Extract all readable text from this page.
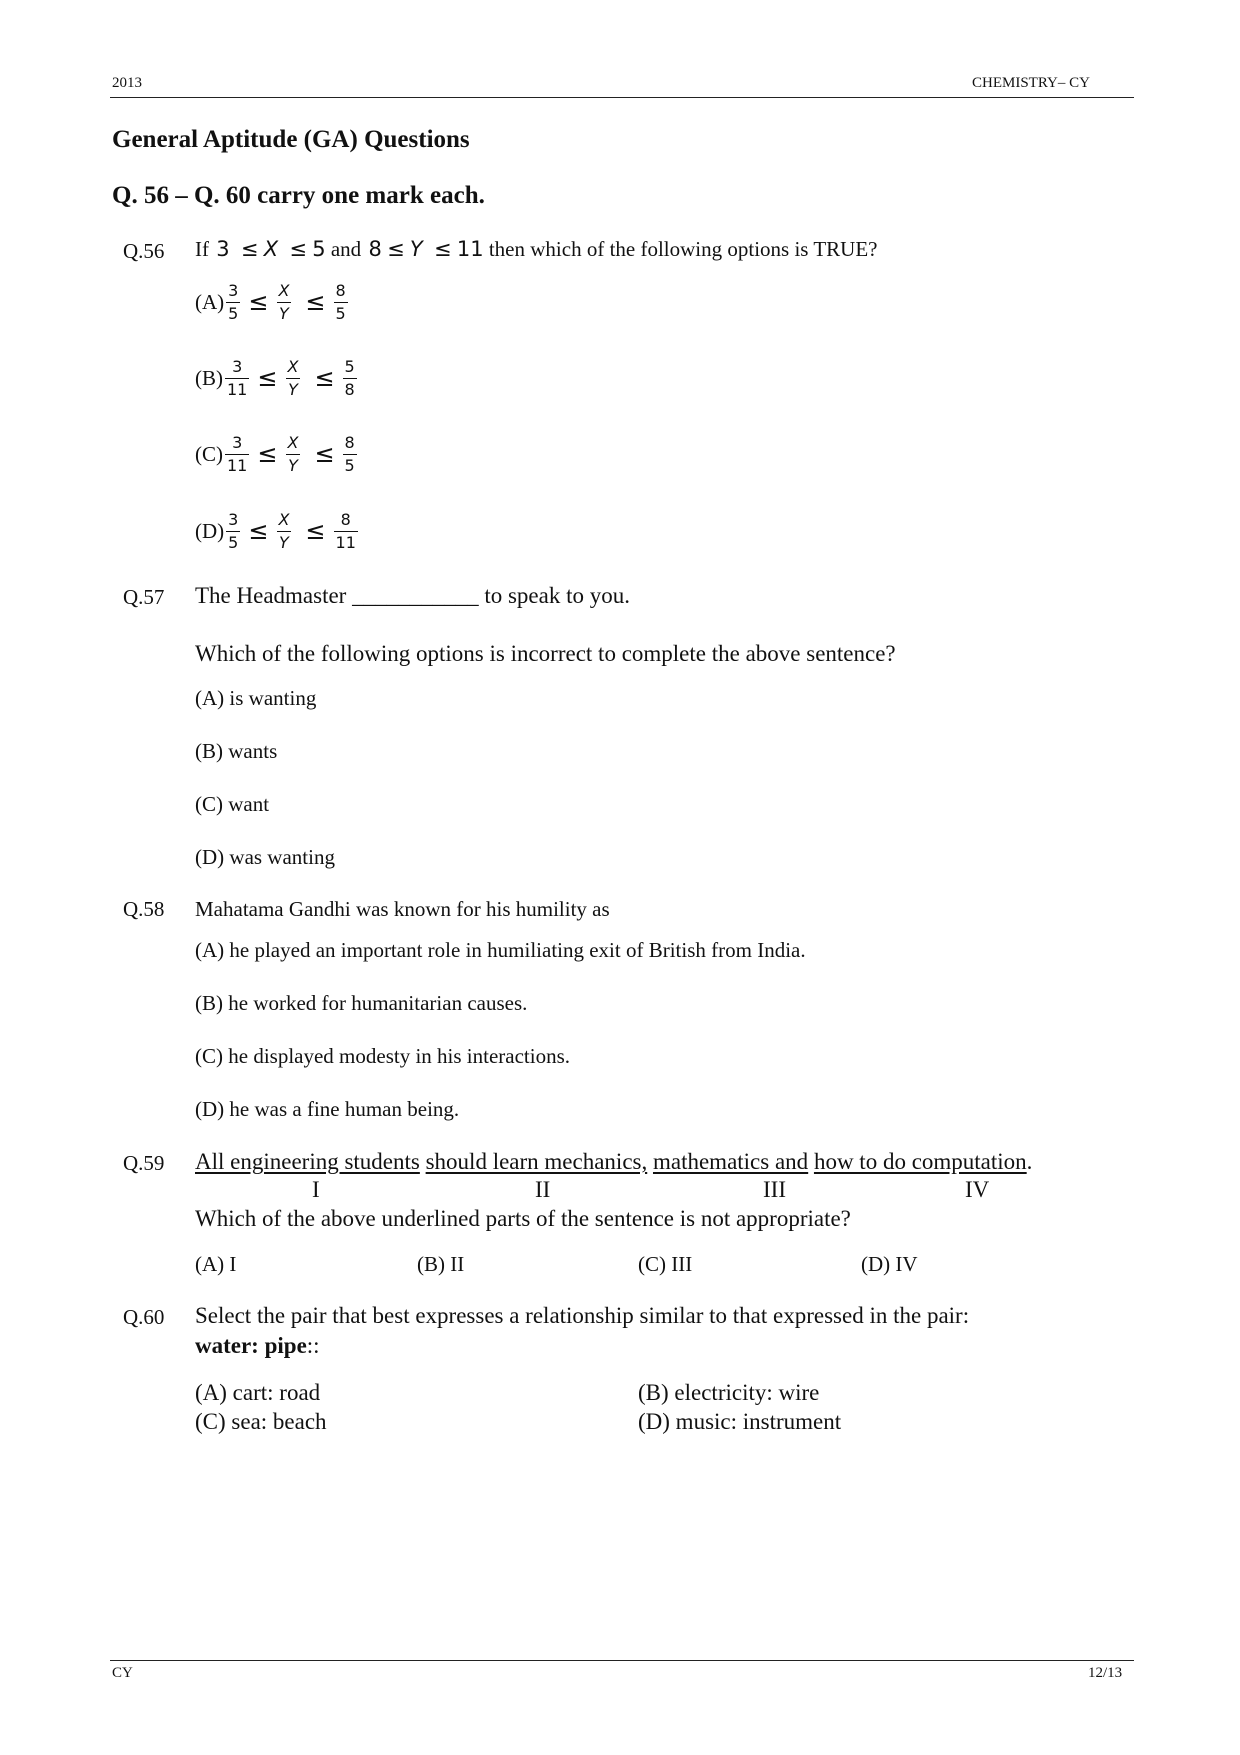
2013	CHEMISTRY– CY
General Aptitude (GA) Questions
Q. 56 – Q. 60 carry one mark each.
Q.56 If 3 ≤ X ≤ 5 and 8 ≤ Y ≤ 11 then which of the following options is TRUE?
$(A) \frac{3}{5} \le \frac{X}{Y} \le \frac{8}{5}$
$(B) \frac{3}{11} \le \frac{X}{Y} \le \frac{5}{8}$
$(C) \frac{3}{11} \le \frac{X}{Y} \le \frac{8}{5}$
$(D) \frac{3}{5} \le \frac{X}{Y} \le \frac{8}{11}$
Q.57 The Headmaster ___________ to speak to you.
Which of the following options is incorrect to complete the above sentence?
(A) is wanting
(B) wants
(C) want
(D) was wanting
Q.58 Mahatama Gandhi was known for his humility as
(A) he played an important role in humiliating exit of British from India.
(B) he worked for humanitarian causes.
(C) he displayed modesty in his interactions.
(D) he was a fine human being.
Q.59 All engineering students should learn mechanics, mathematics and how to do computation.
I	II	III	IV
Which of the above underlined parts of the sentence is not appropriate?
(A) I	(B) II	(C) III	(D) IV
Q.60 Select the pair that best expresses a relationship similar to that expressed in the pair:
water: pipe::
(A) cart: road	(B) electricity: wire
(C) sea: beach	(D) music: instrument
CY	12/13
